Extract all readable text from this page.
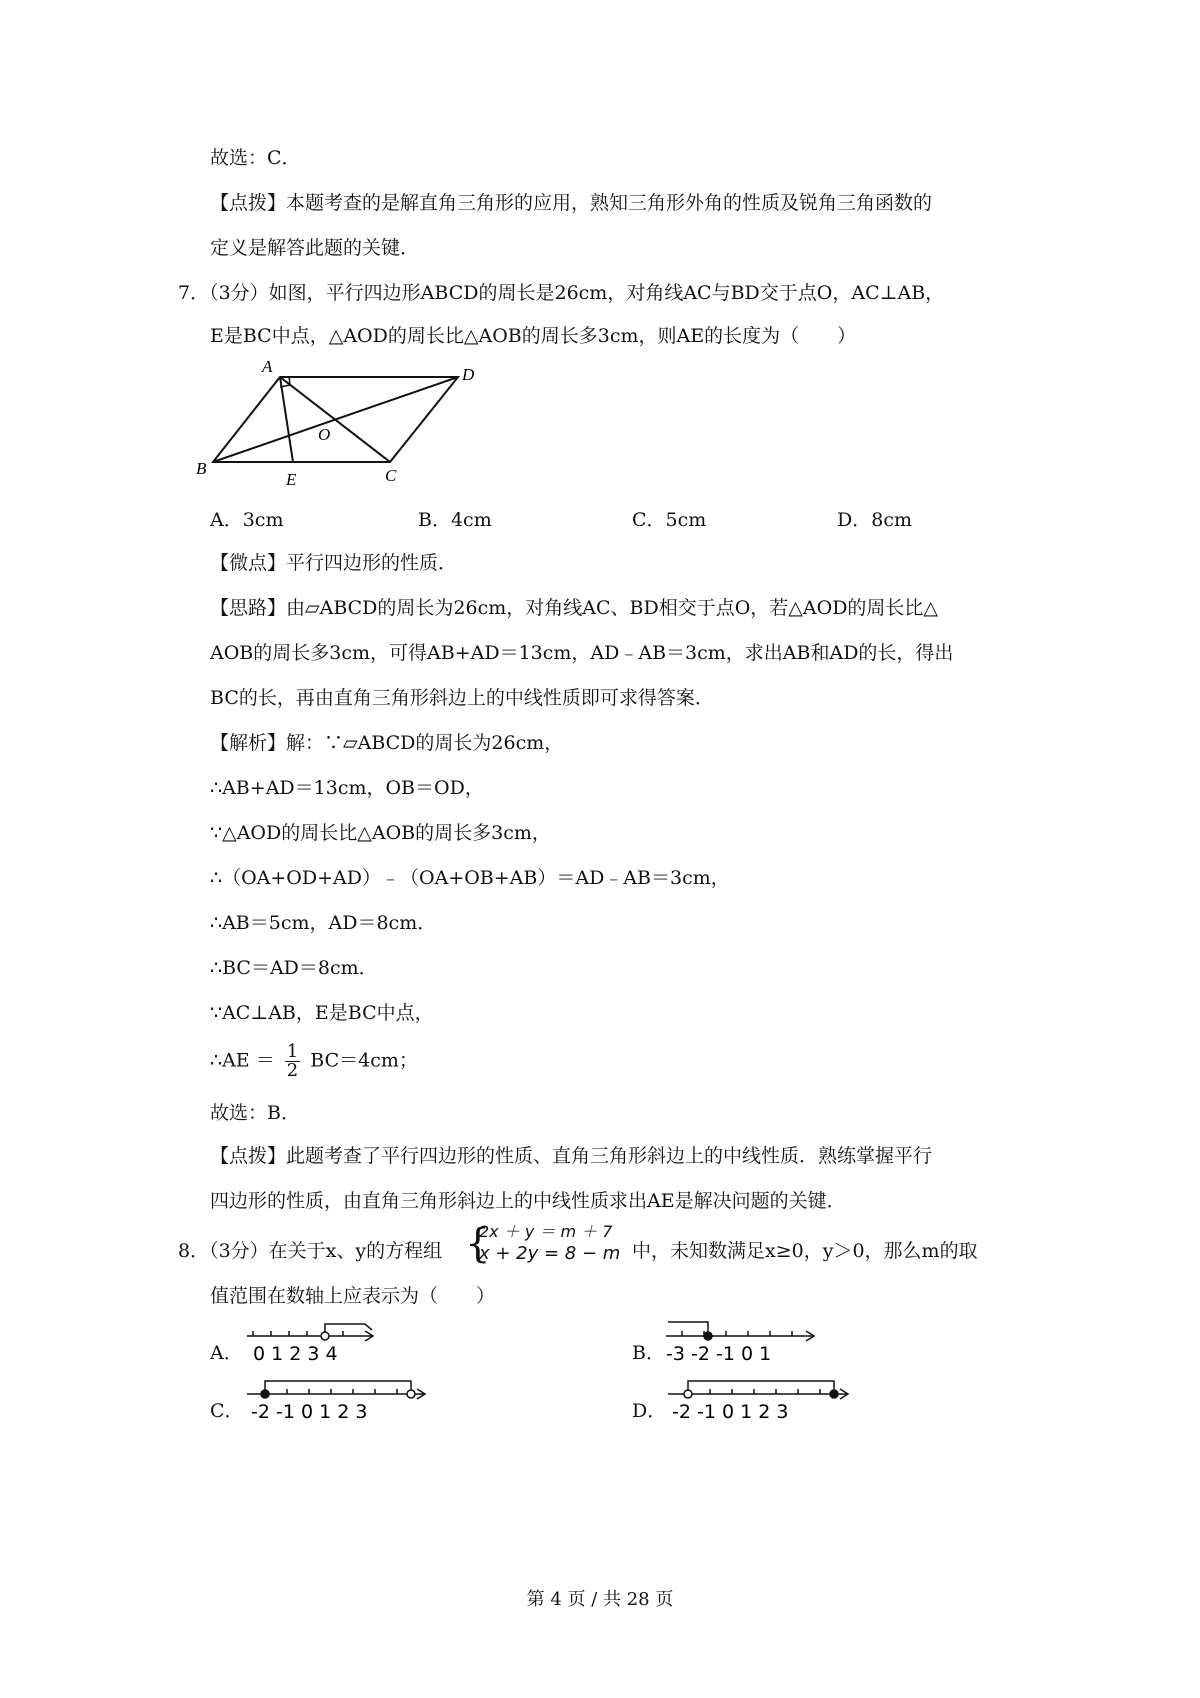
故选：C．
【点拨】本题考查的是解直角三角形的应用，熟知三角形外角的性质及锐角三角函数的
定义是解答此题的关键．
7．（3分）如图，平行四边形ABCD的周长是26cm，对角线AC与BD交于点O，AC⊥AB，
E是BC中点，△AOD的周长比△AOB的周长多3cm，则AE的长度为（　　）
A	D
B
E	C
O
A．3cm	B．4cm	C．5cm	D．8cm
【微点】平行四边形的性质．
【思路】由▱ABCD的周长为26cm，对角线AC、BD相交于点O，若△AOD的周长比△
AOB的周长多3cm，可得AB+AD＝13cm，AD﹣AB＝3cm，求出AB和AD的长，得出
BC的长，再由直角三角形斜边上的中线性质即可求得答案．
【解析】解：∵▱ABCD的周长为26cm，
∴AB+AD＝13cm，OB＝OD，
∵△AOD的周长比△AOB的周长多3cm，
∴（OA+OD+AD）﹣（OA+OB+AB）＝AD﹣AB＝3cm，
∴AB＝5cm，AD＝8cm．
∴BC＝AD＝8cm．
∵AC⊥AB，E是BC中点，
∴AE ＝ $\frac{1}{2} BC=4cm$；
故选：B．
【点拨】此题考查了平行四边形的性质、直角三角形斜边上的中线性质．熟练掌握平行
四边形的性质，由直角三角形斜边上的中线性质求出AE是解决问题的关键．
8．（3分）在关于x、y的方程组 {
2x ＋ y ＝ m ＋ 7
x + 2y = 8 − m 中，未知数满足x≥0，y＞0，那么m的取
值范围在数轴上应表示为（　　）
A． 0 1 2 3 4	B． -3 -2 -1 0 1
C． -2 -1 0 1 2 3	D． -2 -1 0 1 2 3
第 4 页 / 共 28 页
